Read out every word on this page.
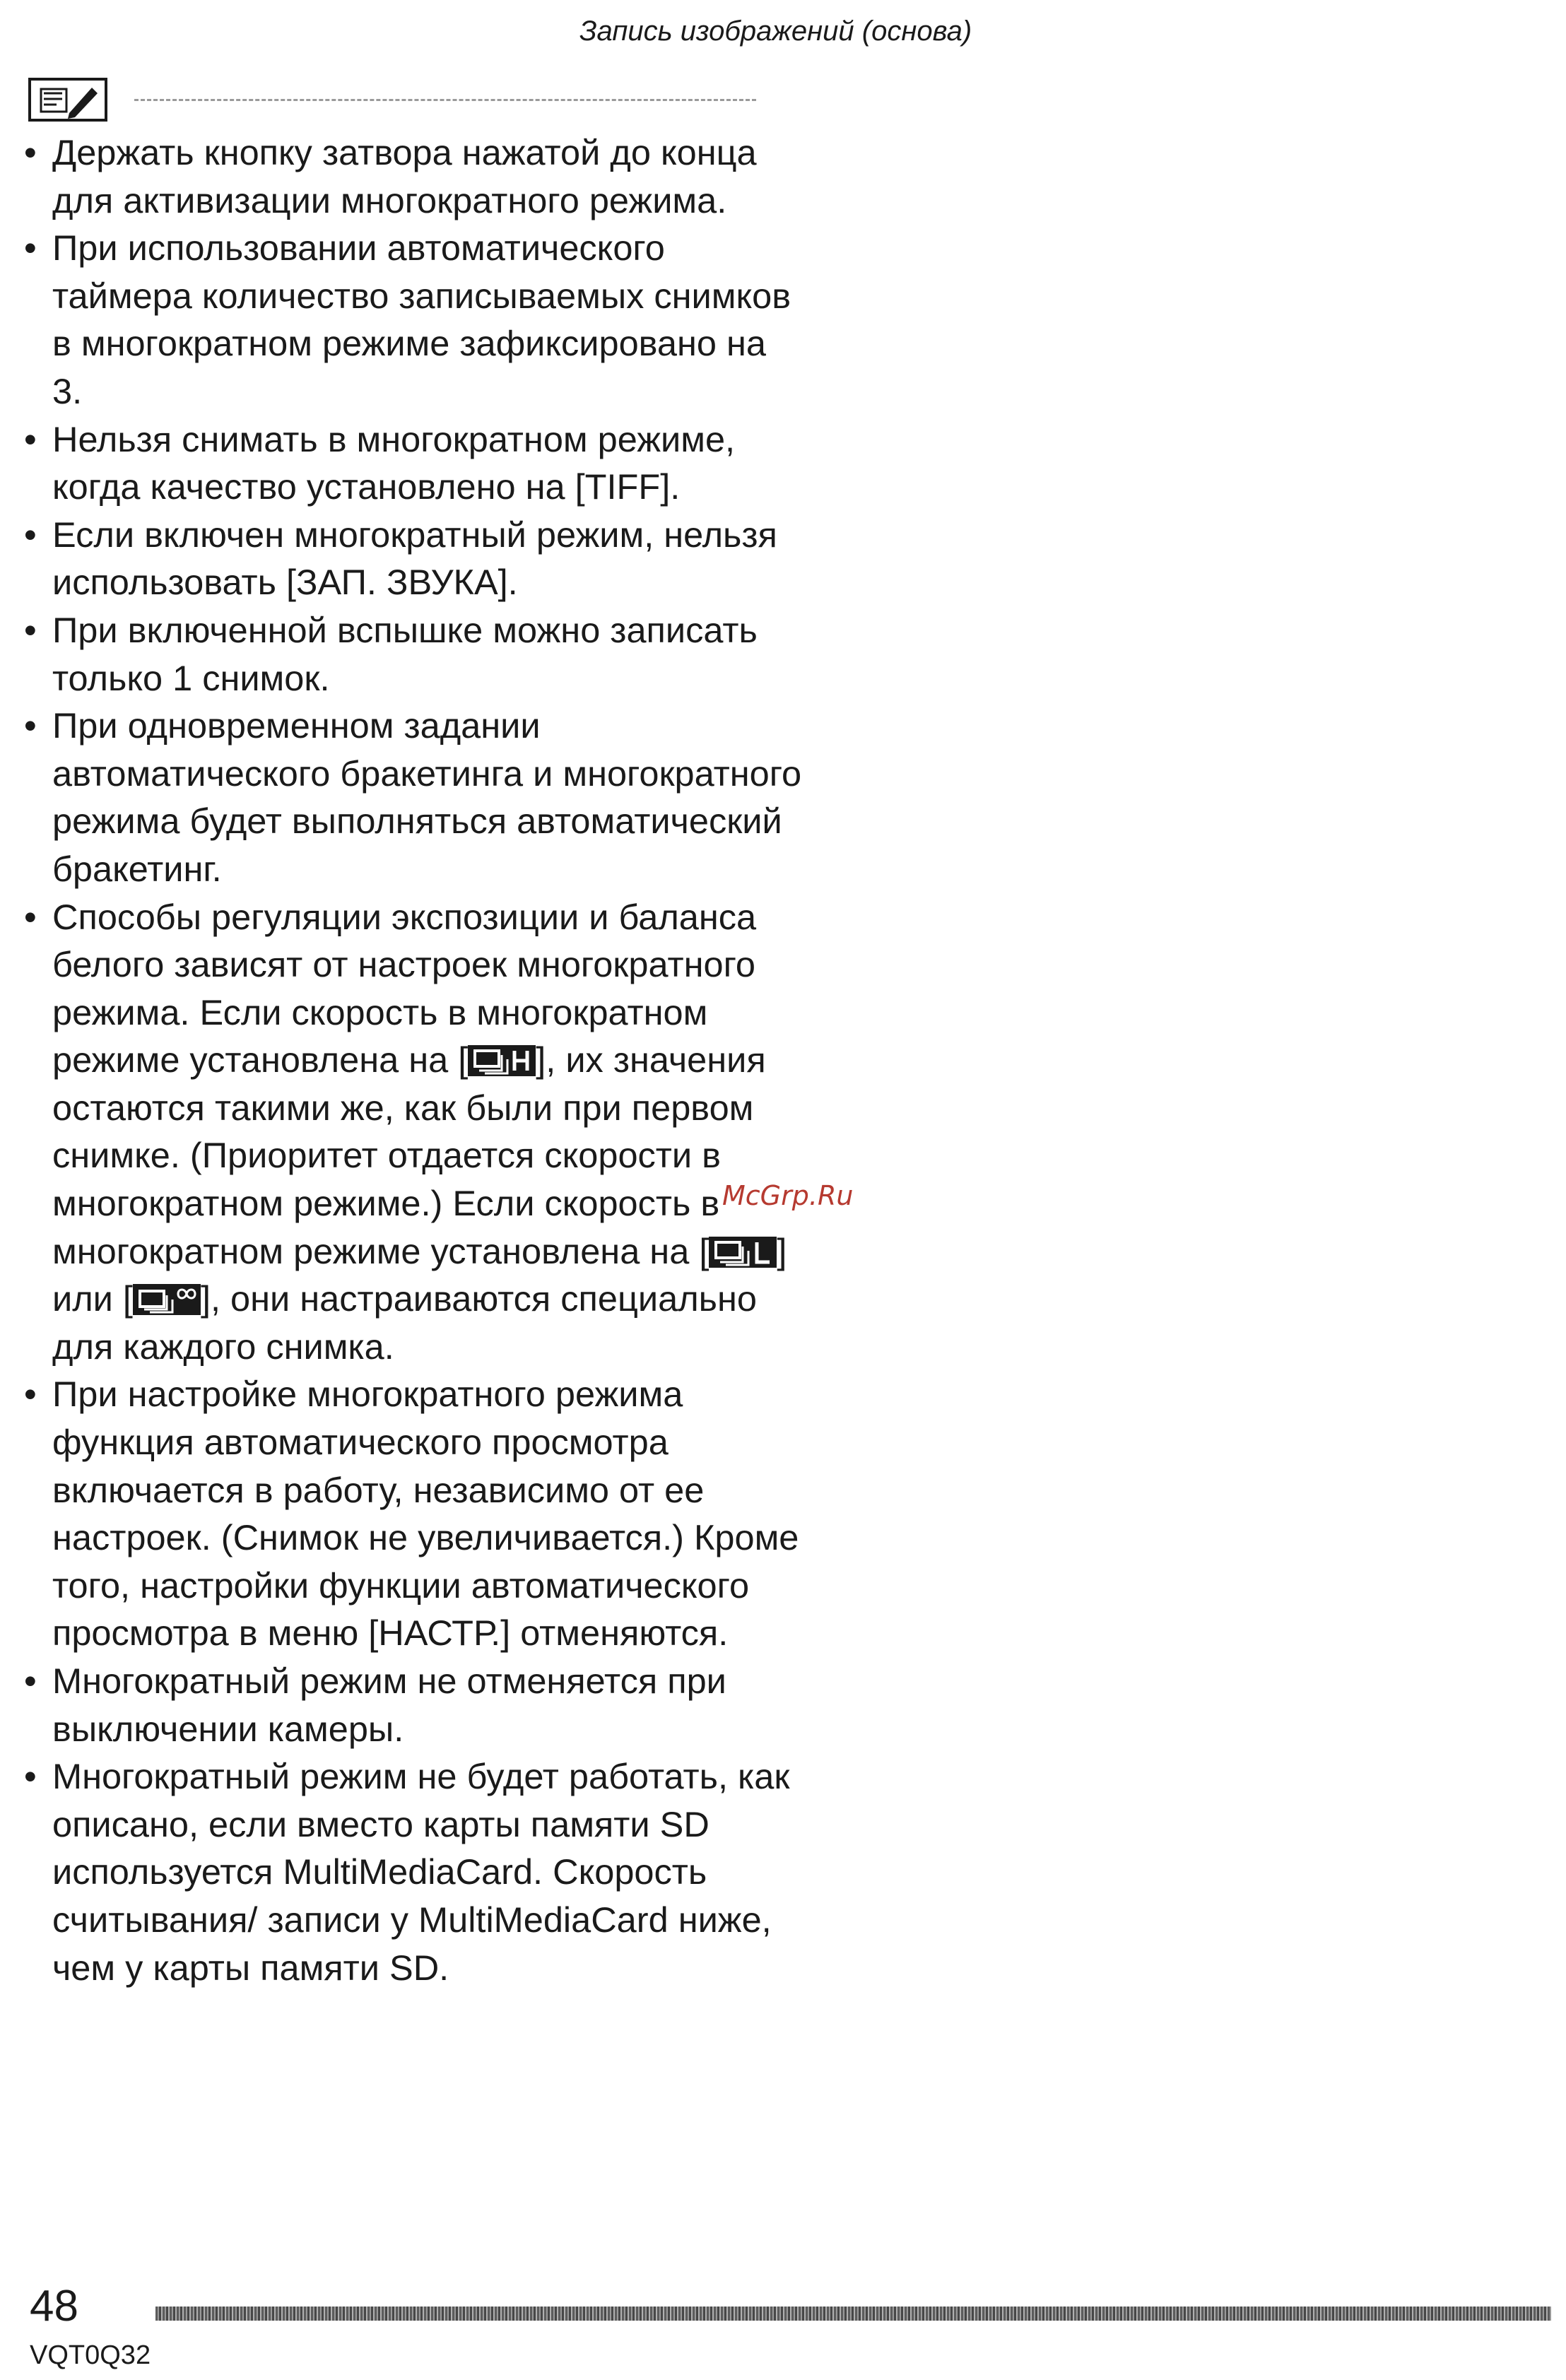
Запись изображений (основа)
• Держать кнопку затвора нажатой до конца для активизации многократного режима.
• При использовании автоматического таймера количество записываемых снимков в многократном режиме зафиксировано на 3.
• Нельзя снимать в многократном режиме, когда качество установлено на [TIFF].
• Если включен многократный режим, нельзя использовать [ЗАП. ЗВУКА].
• При включенной вспышке можно записать только 1 снимок.
• При одновременном задании автоматического бракетинга и многократного режима будет выполняться автоматический бракетинг.
• Способы регуляции экспозиции и баланса белого зависят от настроек многократного режима. Если скорость в многократном режиме установлена на [ ], их значения остаются такими же, как были при первом снимке. (Приоритет отдается скорости в многократном режиме.) Если скорость в многократном режиме установлена на [ ] или [ ], они настраиваются специально для каждого снимка.
• При настройке многократного режима функция автоматического просмотра включается в работу, независимо от ее настроек. (Снимок не увеличивается.) Кроме того, настройки функции автоматического просмотра в меню [НАСТР.] отменяются.
• Многократный режим не отменяется при выключении камеры.
• Многократный режим не будет работать, как описано, если вместо карты памяти SD используется MultiMediaCard. Скорость считывания/ записи у MultiMediaCard ниже, чем у карты памяти SD.
McGrp.Ru
48
VQT0Q32
